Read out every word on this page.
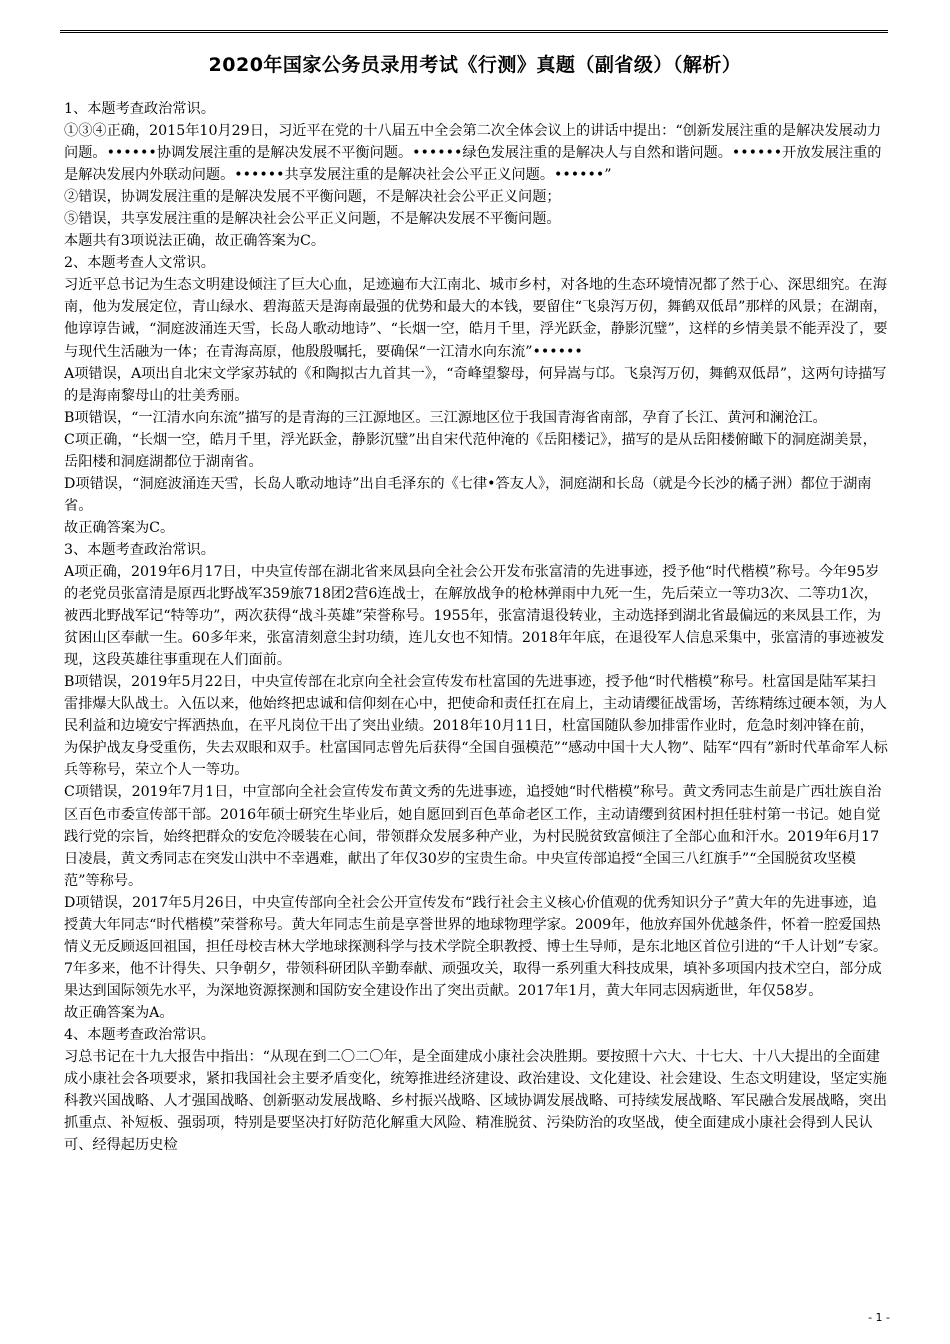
2020年国家公务员录用考试《行测》真题（副省级）（解析）

1、本题考查政治常识。

①③④正确，2015年10月29日，习近平在党的十八届五中全会第二次全体会议上的讲话中提出：“创新发展注重的是解决发展动力问题。••••••协调发展注重的是解决发展不平衡问题。••••••绿色发展注重的是解决人与自然和谐问题。••••••开放发展注重的是解决发展内外联动问题。••••••共享发展注重的是解决社会公平正义问题。••••••”

②错误，协调发展注重的是解决发展不平衡问题，不是解决社会公平正义问题；

⑤错误，共享发展注重的是解决社会公平正义问题，不是解决发展不平衡问题。

本题共有3项说法正确，故正确答案为C。

2、本题考查人文常识。

习近平总书记为生态文明建设倾注了巨大心血，足迹遍布大江南北、城市乡村，对各地的生态环境情况都了然于心、深思细究。在海南，他为发展定位，青山绿水、碧海蓝天是海南最强的优势和最大的本钱，要留住“飞泉泻万仞，舞鹤双低昂”那样的风景；在湖南，他谆谆告诫，“洞庭波涌连天雪，长岛人歌动地诗”、“长烟一空，皓月千里，浮光跃金，静影沉璧”，这样的乡情美景不能弄没了，要与现代生活融为一体；在青海高原，他殷殷嘱托，要确保“一江清水向东流”••••••

A项错误，A项出自北宋文学家苏轼的《和陶拟古九首其一》，“奇峰望黎母，何异嵩与邙。飞泉泻万仞，舞鹤双低昂”，这两句诗描写的是海南黎母山的壮美秀丽。

B项错误，“一江清水向东流”描写的是青海的三江源地区。三江源地区位于我国青海省南部，孕育了长江、黄河和澜沧江。

C项正确，“长烟一空，皓月千里，浮光跃金，静影沉璧”出自宋代范仲淹的《岳阳楼记》，描写的是从岳阳楼俯瞰下的洞庭湖美景，岳阳楼和洞庭湖都位于湖南省。

D项错误，“洞庭波涌连天雪，长岛人歌动地诗”出自毛泽东的《七律•答友人》，洞庭湖和长岛（就是今长沙的橘子洲）都位于湖南省。

故正确答案为C。

3、本题考查政治常识。

A项正确，2019年6月17日，中央宣传部在湖北省来凤县向全社会公开发布张富清的先进事迹，授予他“时代楷模”称号。今年95岁的老党员张富清是原西北野战军359旅718团2营6连战士，在解放战争的枪林弹雨中九死一生，先后荣立一等功3次、二等功1次，被西北野战军记“特等功”，两次获得“战斗英雄”荣誉称号。1955年，张富清退役转业，主动选择到湖北省最偏远的来凤县工作，为贫困山区奉献一生。60多年来，张富清刻意尘封功绩，连儿女也不知情。2018年年底，在退役军人信息采集中，张富清的事迹被发现，这段英雄往事重现在人们面前。

B项错误，2019年5月22日，中央宣传部在北京向全社会宣传发布杜富国的先进事迹，授予他“时代楷模”称号。杜富国是陆军某扫雷排爆大队战士。入伍以来，他始终把忠诚和信仰刻在心中，把使命和责任扛在肩上，主动请缨征战雷场，苦练精练过硬本领，为人民利益和边境安宁挥洒热血，在平凡岗位干出了突出业绩。2018年10月11日，杜富国随队参加排雷作业时，危急时刻冲锋在前，为保护战友身受重伤，失去双眼和双手。杜富国同志曾先后获得“全国自强模范”“感动中国十大人物”、陆军“四有”新时代革命军人标兵等称号，荣立个人一等功。

C项错误，2019年7月1日，中宣部向全社会宣传发布黄文秀的先进事迹，追授她“时代楷模”称号。黄文秀同志生前是广西壮族自治区百色市委宣传部干部。2016年硕士研究生毕业后，她自愿回到百色革命老区工作，主动请缨到贫困村担任驻村第一书记。她自觉践行党的宗旨，始终把群众的安危冷暖装在心间，带领群众发展多种产业，为村民脱贫致富倾注了全部心血和汗水。2019年6月17日凌晨，黄文秀同志在突发山洪中不幸遇难，献出了年仅30岁的宝贵生命。中央宣传部追授“全国三八红旗手”“全国脱贫攻坚模范”等称号。

D项错误，2017年5月26日，中央宣传部向全社会公开宣传发布“践行社会主义核心价值观的优秀知识分子”黄大年的先进事迹，追授黄大年同志“时代楷模”荣誉称号。黄大年同志生前是享誉世界的地球物理学家。2009年，他放弃国外优越条件，怀着一腔爱国热情义无反顾返回祖国，担任母校吉林大学地球探测科学与技术学院全职教授、博士生导师，是东北地区首位引进的“千人计划”专家。7年多来，他不计得失、只争朝夕，带领科研团队辛勤奉献、顽强攻关，取得一系列重大科技成果，填补多项国内技术空白，部分成果达到国际领先水平，为深地资源探测和国防安全建设作出了突出贡献。2017年1月，黄大年同志因病逝世，年仅58岁。

故正确答案为A。

4、本题考查政治常识。

习总书记在十九大报告中指出：“从现在到二〇二〇年，是全面建成小康社会决胜期。要按照十六大、十七大、十八大提出的全面建成小康社会各项要求，紧扣我国社会主要矛盾变化，统筹推进经济建设、政治建设、文化建设、社会建设、生态文明建设，坚定实施科教兴国战略、人才强国战略、创新驱动发展战略、乡村振兴战略、区域协调发展战略、可持续发展战略、军民融合发展战略，突出抓重点、补短板、强弱项，特别是要坚决打好防范化解重大风险、精准脱贫、污染防治的攻坚战，使全面建成小康社会得到人民认可、经得起历史检

- 1 -
